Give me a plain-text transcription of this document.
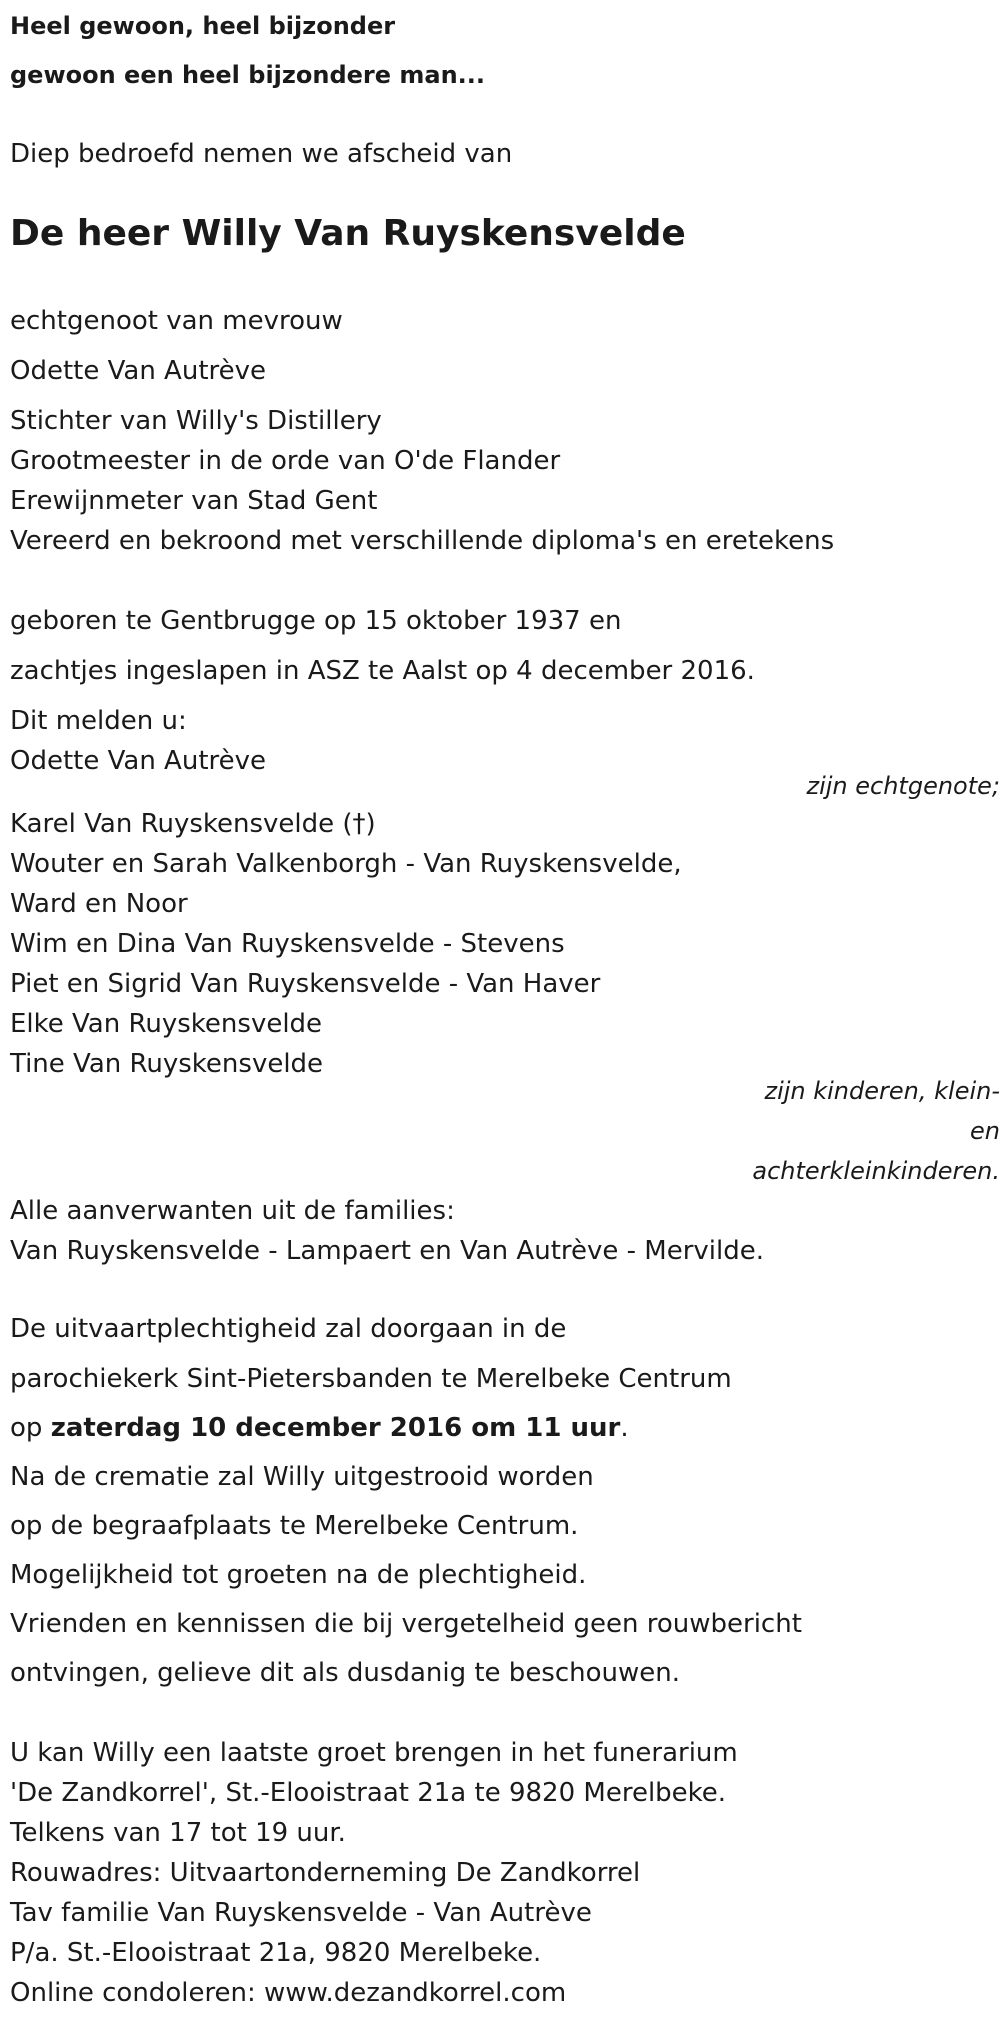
Heel gewoon, heel bijzonder
gewoon een heel bijzondere man...
Diep bedroefd nemen we afscheid van
De heer Willy Van Ruyskensvelde
echtgenoot van mevrouw
Odette Van Autrève
Stichter van Willy's Distillery
Grootmeester in de orde van O'de Flander
Erewijnmeter van Stad Gent
Vereerd en bekroond met verschillende diploma's en eretekens
geboren te Gentbrugge op 15 oktober 1937 en
zachtjes ingeslapen in ASZ te Aalst op 4 december 2016.
Dit melden u:
Odette Van Autrève
zijn echtgenote;
Karel Van Ruyskensvelde (†)
Wouter en Sarah Valkenborgh - Van Ruyskensvelde,
Ward en Noor
Wim en Dina Van Ruyskensvelde - Stevens
Piet en Sigrid Van Ruyskensvelde - Van Haver
Elke Van Ruyskensvelde
Tine Van Ruyskensvelde
zijn kinderen, klein-
en
achterkleinkinderen.
Alle aanverwanten uit de families:
Van Ruyskensvelde - Lampaert en Van Autrève - Mervilde.
De uitvaartplechtigheid zal doorgaan in de
parochiekerk Sint-Pietersbanden te Merelbeke Centrum
op zaterdag 10 december 2016 om 11 uur.
Na de crematie zal Willy uitgestrooid worden
op de begraafplaats te Merelbeke Centrum.
Mogelijkheid tot groeten na de plechtigheid.
Vrienden en kennissen die bij vergetelheid geen rouwbericht
ontvingen, gelieve dit als dusdanig te beschouwen.
U kan Willy een laatste groet brengen in het funerarium
'De Zandkorrel', St.-Elooistraat 21a te 9820 Merelbeke.
Telkens van 17 tot 19 uur.
Rouwadres: Uitvaartonderneming De Zandkorrel
Tav familie Van Ruyskensvelde - Van Autrève
P/a. St.-Elooistraat 21a, 9820 Merelbeke.
Online condoleren: www.dezandkorrel.com
